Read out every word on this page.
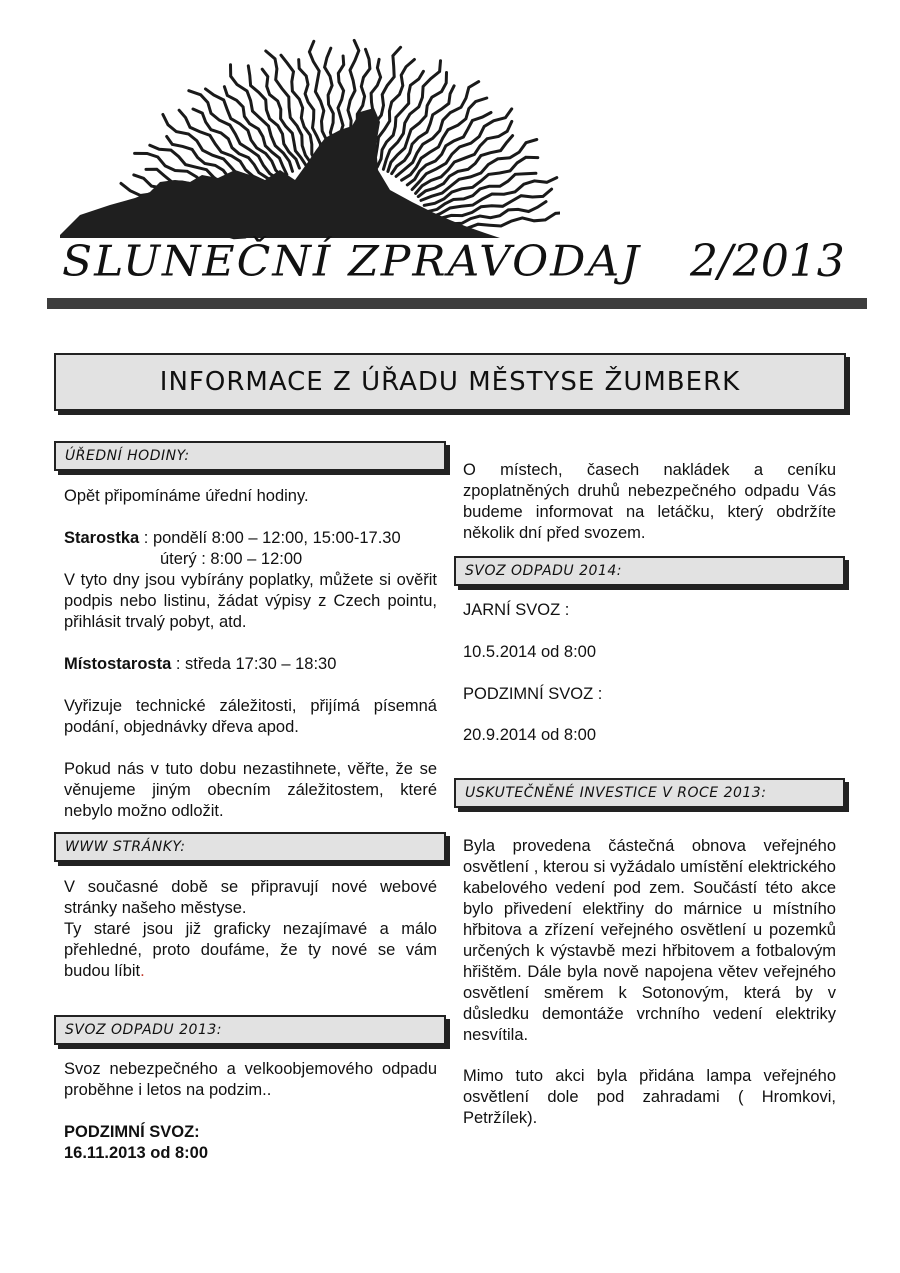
SLUNEČNÍ ZPRAVODAJ 2/2013
INFORMACE Z ÚŘADU MĚSTYSE ŽUMBERK
ÚŘEDNÍ HODINY:

Opět připomínáme úřední hodiny.

Starostka : pondělí 8:00 – 12:00, 15:00-17.30

úterý : 8:00 – 12:00

V tyto dny jsou vybírány poplatky, můžete si ověřit podpis nebo listinu, žádat výpisy z Czech pointu, přihlásit trvalý pobyt, atd.

Místostarosta : středa 17:30 – 18:30

Vyřizuje technické záležitosti, přijímá písemná podání, objednávky dřeva apod.

Pokud nás v tuto dobu nezastihnete, věřte, že se věnujeme jiným obecním záležitostem, které nebylo možno odložit.

WWW STRÁNKY:

V současné době se připravují nové webové stránky našeho městyse.

Ty staré jsou již graficky nezajímavé a málo přehledné, proto doufáme, že ty nové se vám budou líbit.

SVOZ ODPADU 2013:

Svoz nebezpečného a velkoobjemového odpadu proběhne i letos na podzim..

PODZIMNÍ SVOZ:

16.11.2013 od 8:00

O místech, časech nakládek a ceníku zpoplatněných druhů nebezpečného odpadu Vás budeme informovat na letáčku, který obdržíte několik dní před svozem.

SVOZ ODPADU 2014:

JARNÍ SVOZ :

10.5.2014 od 8:00

PODZIMNÍ SVOZ :

20.9.2014 od 8:00

USKUTEČNĚNÉ INVESTICE V ROCE 2013:

Byla provedena částečná obnova veřejného osvětlení , kterou si vyžádalo umístění elektrického kabelového vedení pod zem. Součástí této akce bylo přivedení elektřiny do márnice u místního hřbitova a zřízení veřejného osvětlení u pozemků určených k výstavbě mezi hřbitovem a fotbalovým hřištěm. Dále byla nově napojena větev veřejného osvětlení směrem k Sotonovým, která by v důsledku demontáže vrchního vedení elektriky nesvítila.

Mimo tuto akci byla přidána lampa veřejného osvětlení dole pod zahradami ( Hromkovi, Petržílek).
